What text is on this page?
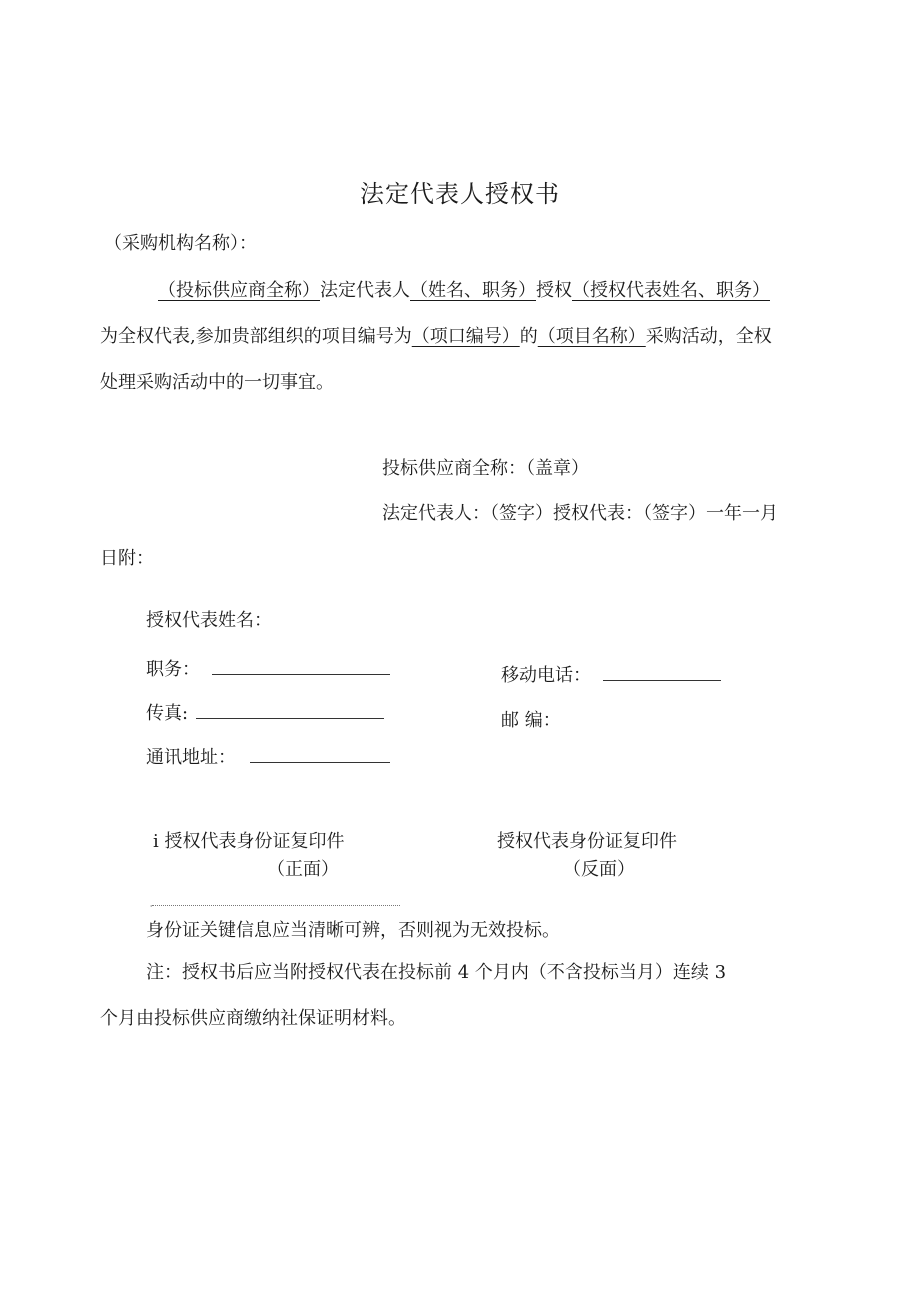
法定代表人授权书
（采购机构名称）：
（投标供应商全称）法定代表人（姓名、职务）授权（授权代表姓名、职务）
为全权代表,参加贵部组织的项目编号为（项口编号）的（项目名称）采购活动，全权
处理采购活动中的一切事宜。
投标供应商全称：（盖章）
法定代表人：（签字）授权代表：（签字）一年一月
日附：
授权代表姓名：
职务：
传真:
通讯地址：
移动电话：
邮 编：
i 授权代表身份证复印件
（正面）
授权代表身份证复印件
（反面）
ˌ
身份证关键信息应当清晰可辨，否则视为无效投标。
注：授权书后应当附授权代表在投标前 4 个月内（不含投标当月）连续 3
个月由投标供应商缴纳社保证明材料。
